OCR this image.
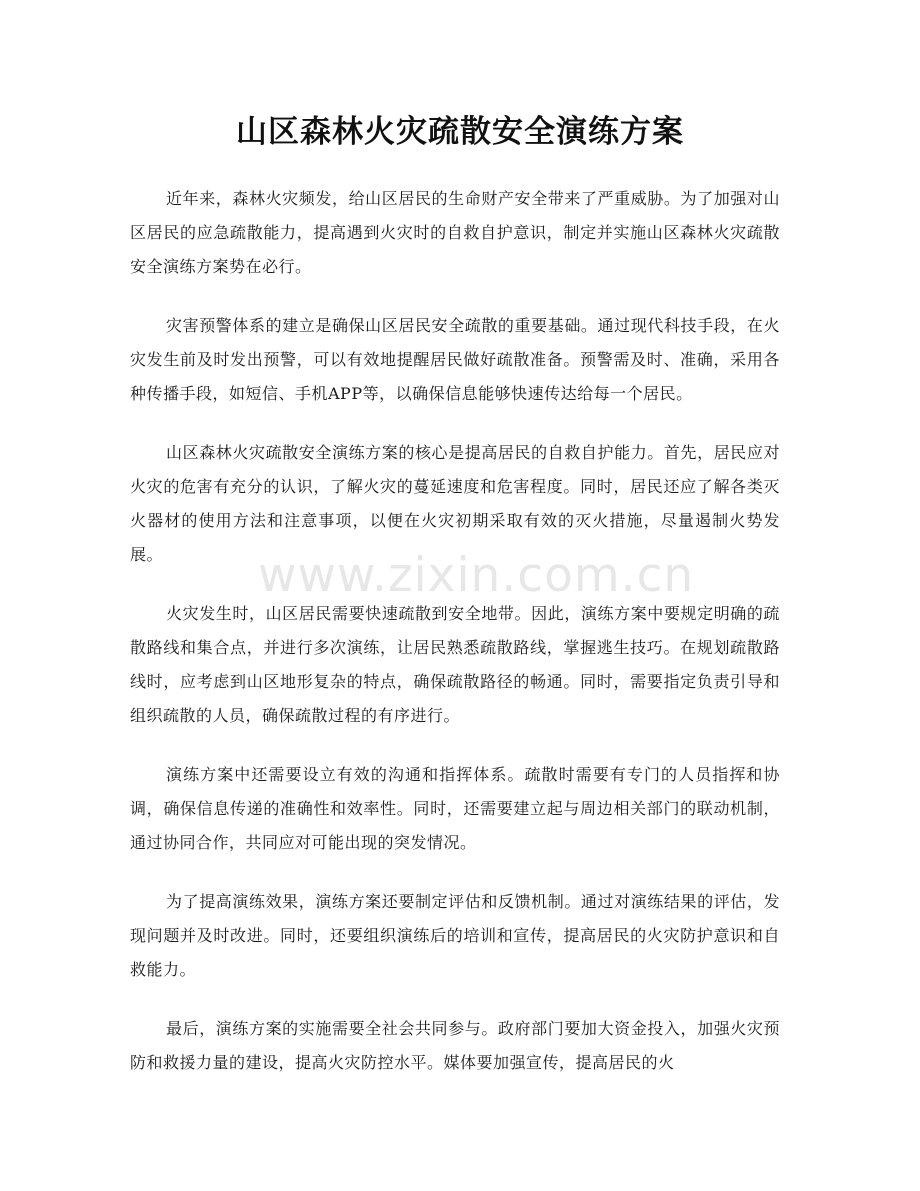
山区森林火灾疏散安全演练方案

近年来，森林火灾频发，给山区居民的生命财产安全带来了严重威胁。为了加强对山区居民的应急疏散能力，提高遇到火灾时的自救自护意识，制定并实施山区森林火灾疏散安全演练方案势在必行。

灾害预警体系的建立是确保山区居民安全疏散的重要基础。通过现代科技手段，在火灾发生前及时发出预警，可以有效地提醒居民做好疏散准备。预警需及时、准确，采用各种传播手段，如短信、手机APP等，以确保信息能够快速传达给每一个居民。

山区森林火灾疏散安全演练方案的核心是提高居民的自救自护能力。首先，居民应对火灾的危害有充分的认识，了解火灾的蔓延速度和危害程度。同时，居民还应了解各类灭火器材的使用方法和注意事项，以便在火灾初期采取有效的灭火措施，尽量遏制火势发展。

火灾发生时，山区居民需要快速疏散到安全地带。因此，演练方案中要规定明确的疏散路线和集合点，并进行多次演练，让居民熟悉疏散路线，掌握逃生技巧。在规划疏散路线时，应考虑到山区地形复杂的特点，确保疏散路径的畅通。同时，需要指定负责引导和组织疏散的人员，确保疏散过程的有序进行。

演练方案中还需要设立有效的沟通和指挥体系。疏散时需要有专门的人员指挥和协调，确保信息传递的准确性和效率性。同时，还需要建立起与周边相关部门的联动机制，通过协同合作，共同应对可能出现的突发情况。

为了提高演练效果，演练方案还要制定评估和反馈机制。通过对演练结果的评估，发现问题并及时改进。同时，还要组织演练后的培训和宣传，提高居民的火灾防护意识和自救能力。

最后，演练方案的实施需要全社会共同参与。政府部门要加大资金投入，加强火灾预防和救援力量的建设，提高火灾防控水平。媒体要加强宣传，提高居民的火

www.zixin.com.cn
